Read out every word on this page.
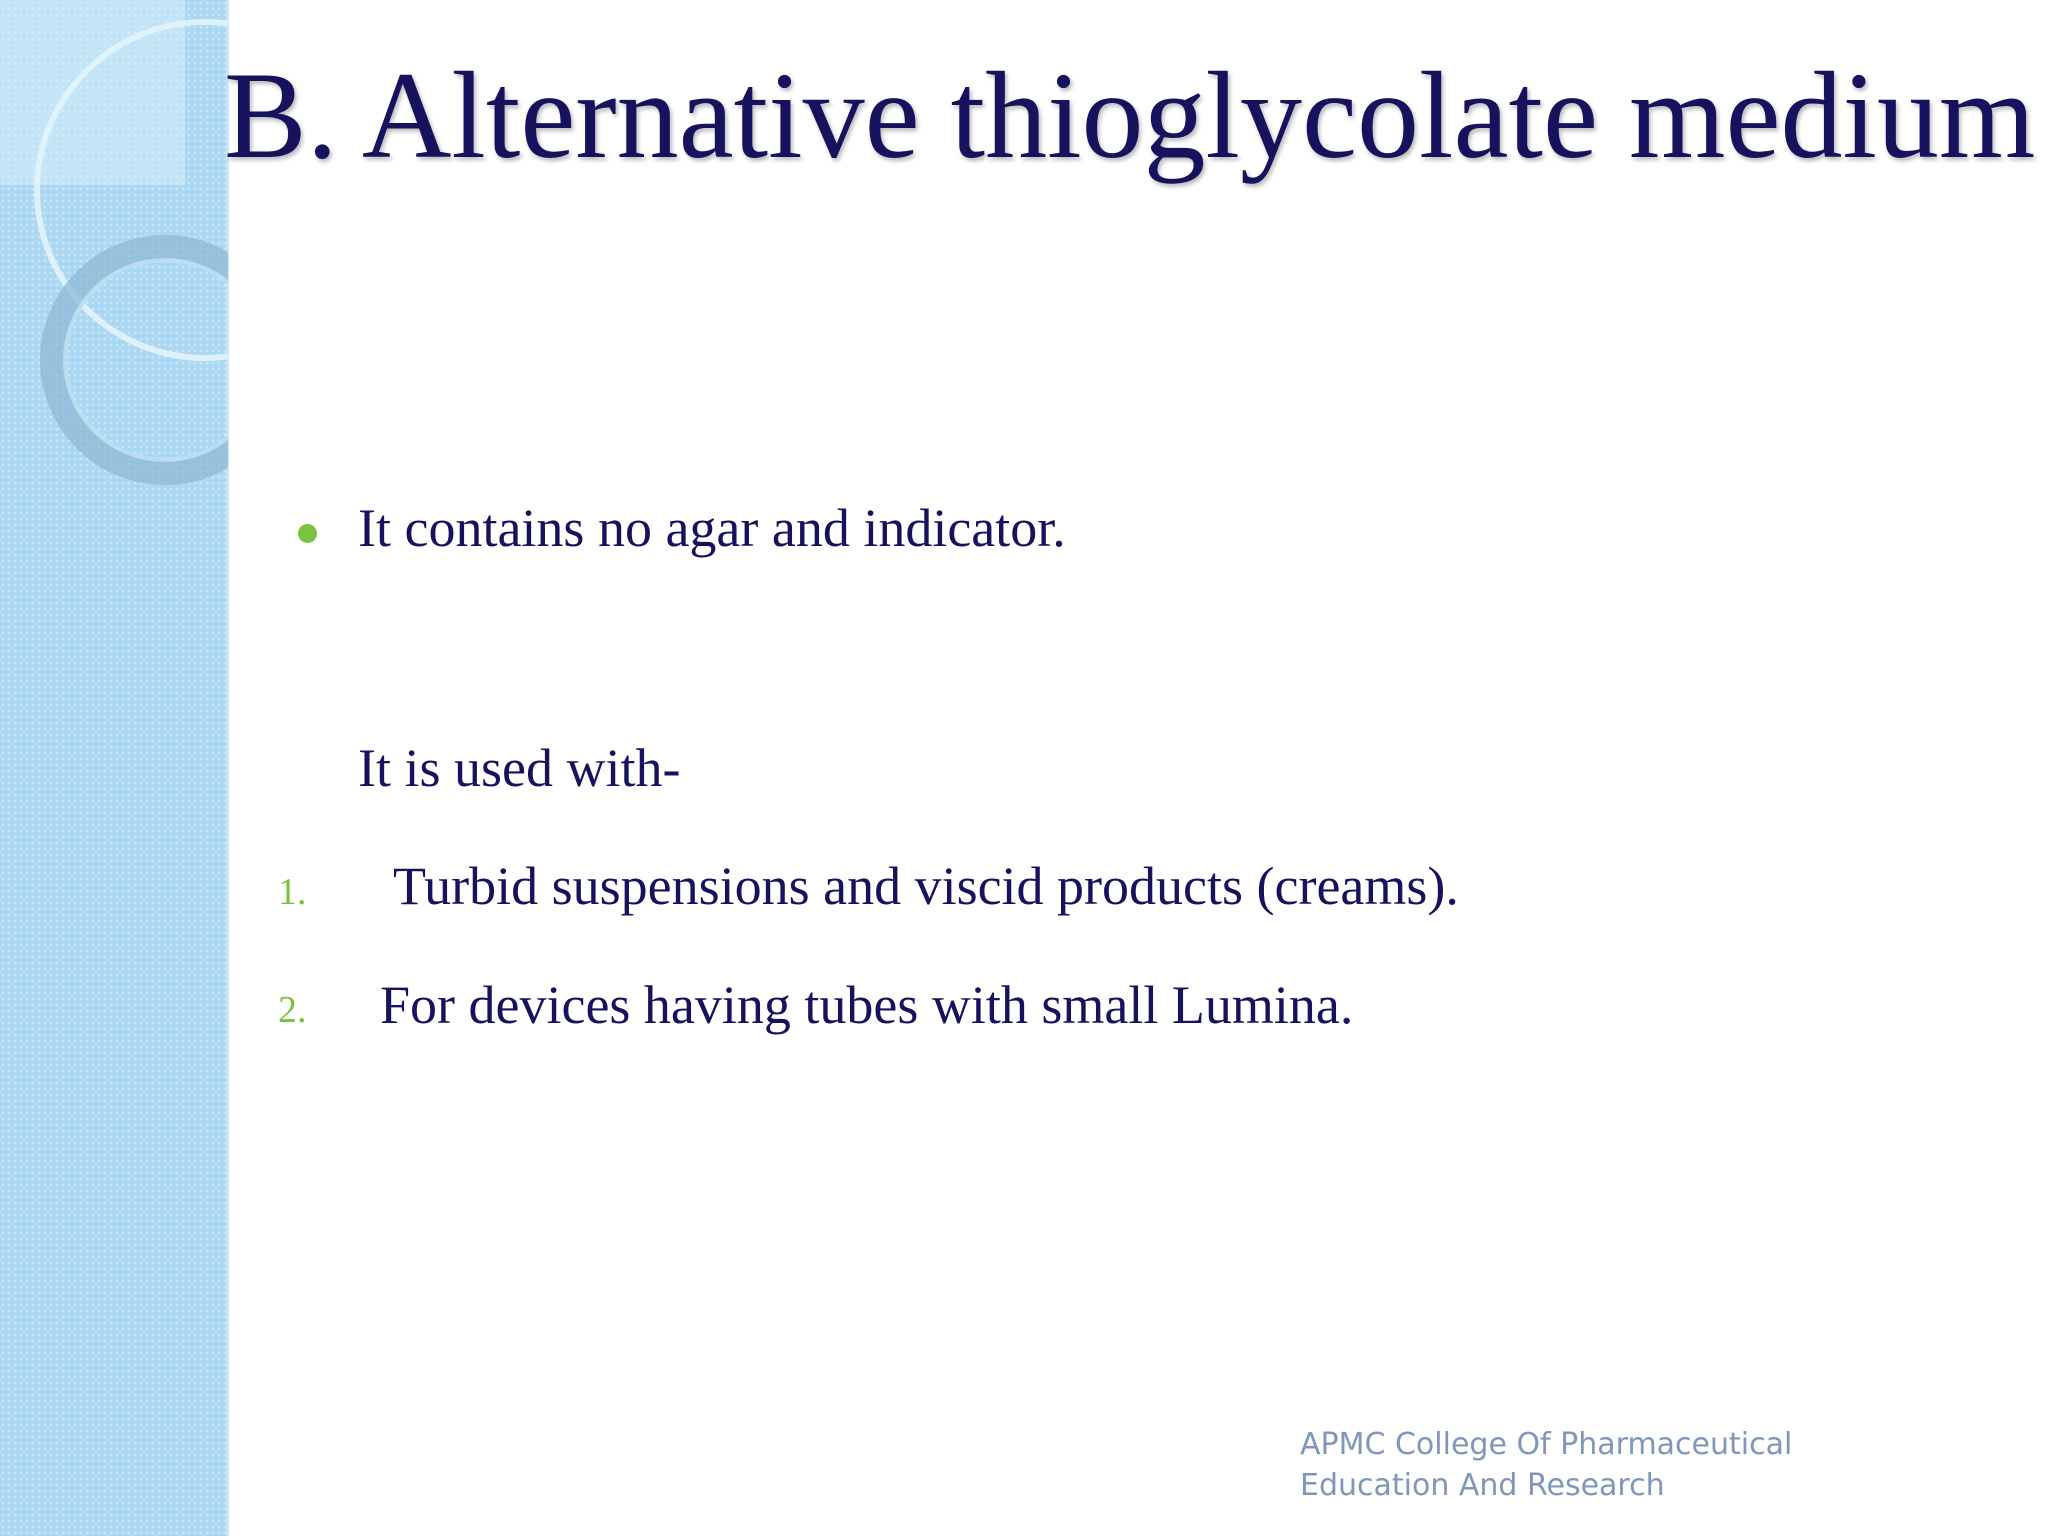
B. Alternative thioglycolate medium
It contains no agar and indicator.
It is used with-
1. Turbid suspensions and viscid products (creams).
2. For devices having tubes with small Lumina.
APMC College Of Pharmaceutical
Education And Research
